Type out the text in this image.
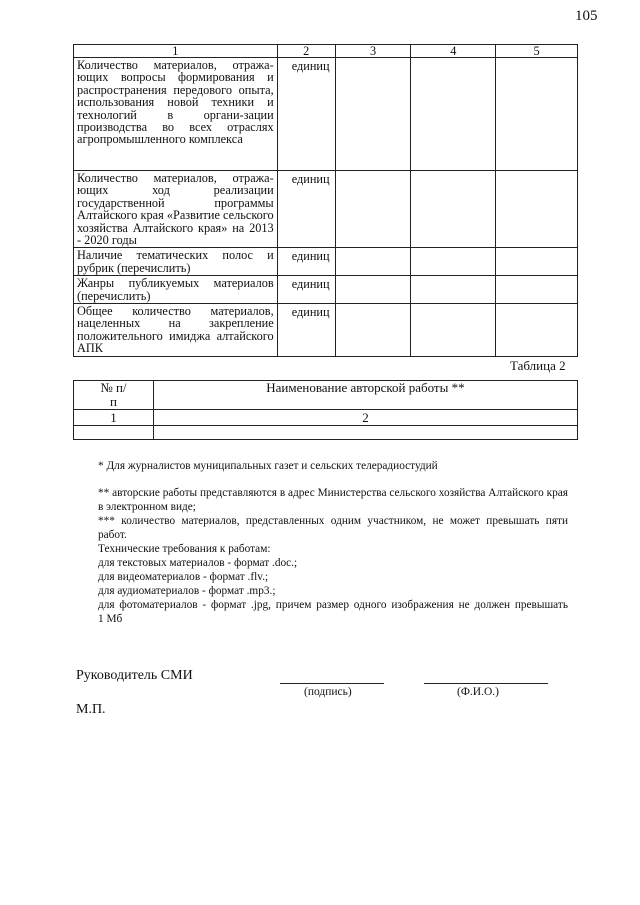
105
1	2	3	4	5
Количество материалов, отража-ющих вопросы формирования и распространения передового опыта, использования новой техники и технологий в органи-зации производства во всех отраслях агропромышленного комплекса	единиц			
Количество материалов, отража-ющих ход реализации государственной программы Алтайского края «Развитие сельского хозяйства Алтайского края» на 2013 - 2020 годы	единиц			
Наличие тематических полос и рубрик (перечислить)	единиц			
Жанры публикуемых материалов (перечислить)	единиц			
Общее количество материалов, нацеленных на закрепление положительного имиджа алтайского АПК	единиц			
Таблица 2
№ п/п	Наименование авторской работы **
1	2

* Для журналистов муниципальных газет и сельских телерадиостудий
** авторские работы представляются в адрес Министерства сельского хозяйства Алтайского края
в электронном виде;
*** количество материалов, представленных одним участником, не может превышать пяти
работ.
Технические требования к работам:
для текстовых материалов - формат .doc.;
для видеоматериалов - формат .flv.;
для аудиоматериалов - формат .mp3.;
для фотоматериалов - формат .jpg, причем размер одного изображения не должен превышать
1 Мб
Руководитель СМИ
(подпись)	(Ф.И.О.)
М.П.
